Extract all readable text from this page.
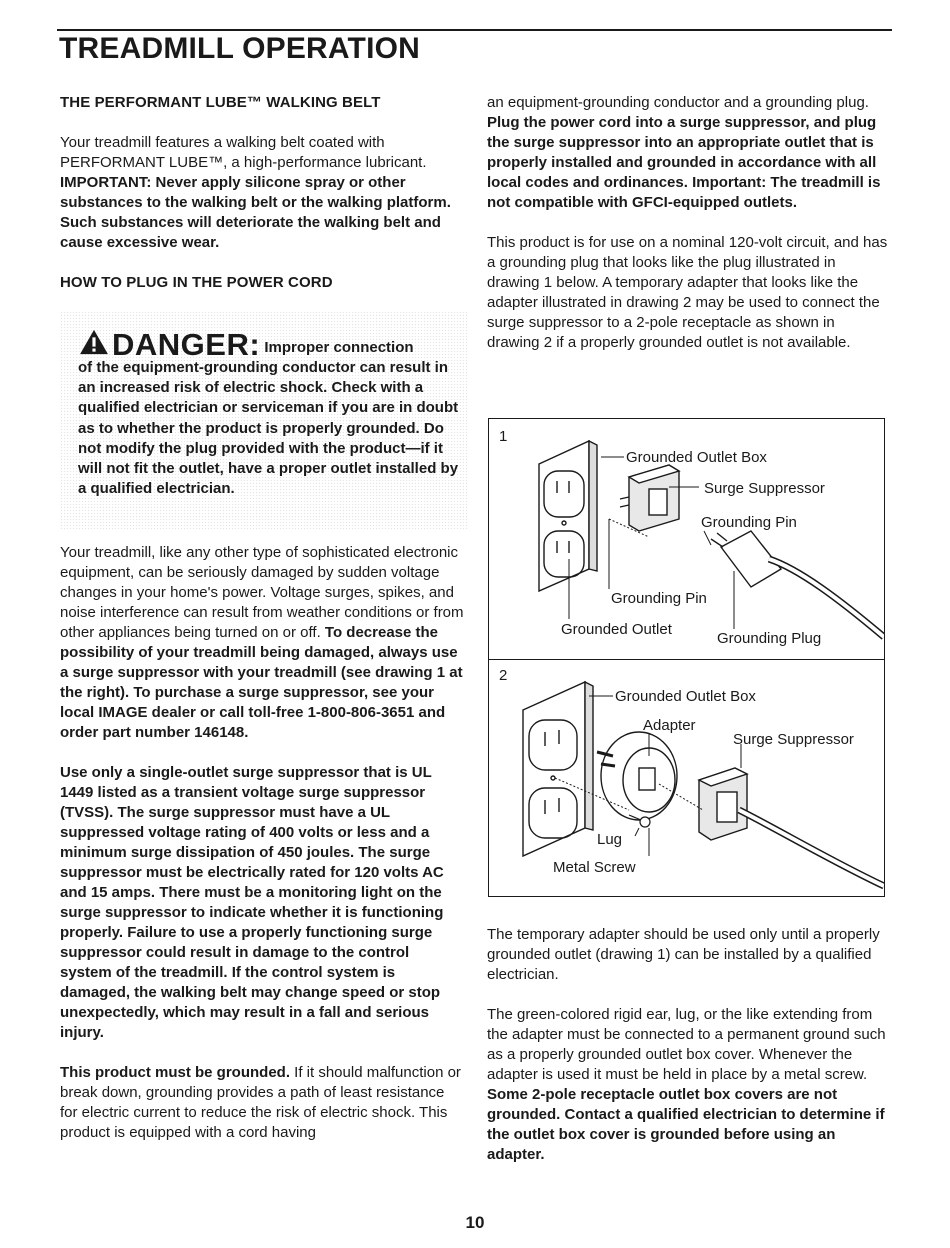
TREADMILL OPERATION

THE PERFORMANT LUBE™ WALKING BELT

Your treadmill features a walking belt coated with PERFORMANT LUBE™, a high-performance lubricant. IMPORTANT: Never apply silicone spray or other substances to the walking belt or the walking platform. Such substances will deteriorate the walking belt and cause excessive wear.

HOW TO PLUG IN THE POWER CORD

DANGER: Improper connection

of the equipment-grounding conductor can result in an increased risk of electric shock. Check with a qualified electrician or serviceman if you are in doubt as to whether the product is properly grounded. Do not modify the plug provided with the product—if it will not fit the outlet, have a proper outlet installed by a qualified electrician.

Your treadmill, like any other type of sophisticated electronic equipment, can be seriously damaged by sudden voltage changes in your home's power. Voltage surges, spikes, and noise interference can result from weather conditions or from other appliances being turned on or off. To decrease the possibility of your treadmill being damaged, always use a surge suppressor with your treadmill (see drawing 1 at the right). To purchase a surge suppressor, see your local IMAGE dealer or call toll-free 1-800-806-3651 and order part number 146148.

Use only a single-outlet surge suppressor that is UL 1449 listed as a transient voltage surge suppressor (TVSS). The surge suppressor must have a UL suppressed voltage rating of 400 volts or less and a minimum surge dissipation of 450 joules. The surge suppressor must be electrically rated for 120 volts AC and 15 amps. There must be a monitoring light on the surge suppressor to indicate whether it is functioning properly. Failure to use a properly functioning surge suppressor could result in damage to the control system of the treadmill. If the control system is damaged, the walking belt may change speed or stop unexpectedly, which may result in a fall and serious injury.

This product must be grounded. If it should malfunction or break down, grounding provides a path of least resistance for electric current to reduce the risk of electric shock. This product is equipped with a cord having

an equipment-grounding conductor and a grounding plug. Plug the power cord into a surge suppressor, and plug the surge suppressor into an appropriate outlet that is properly installed and grounded in accordance with all local codes and ordinances. Important: The treadmill is not compatible with GFCI-equipped outlets.

This product is for use on a nominal 120-volt circuit, and has a grounding plug that looks like the plug illustrated in drawing 1 below. A temporary adapter that looks like the adapter illustrated in drawing 2 may be used to connect the surge suppressor to a 2-pole receptacle as shown in drawing 2 if a properly grounded outlet is not available.

1
Grounded Outlet Box
Surge Suppressor
Grounding Pin
Grounding Pin
Grounded Outlet
Grounding Plug
2
Grounded Outlet Box
Adapter
Surge Suppressor
Lug
Metal Screw

The temporary adapter should be used only until a properly grounded outlet (drawing 1) can be installed by a qualified electrician.

The green-colored rigid ear, lug, or the like extending from the adapter must be connected to a permanent ground such as a properly grounded outlet box cover. Whenever the adapter is used it must be held in place by a metal screw. Some 2-pole receptacle outlet box covers are not grounded. Contact a qualified electrician to determine if the outlet box cover is grounded before using an adapter.

10
